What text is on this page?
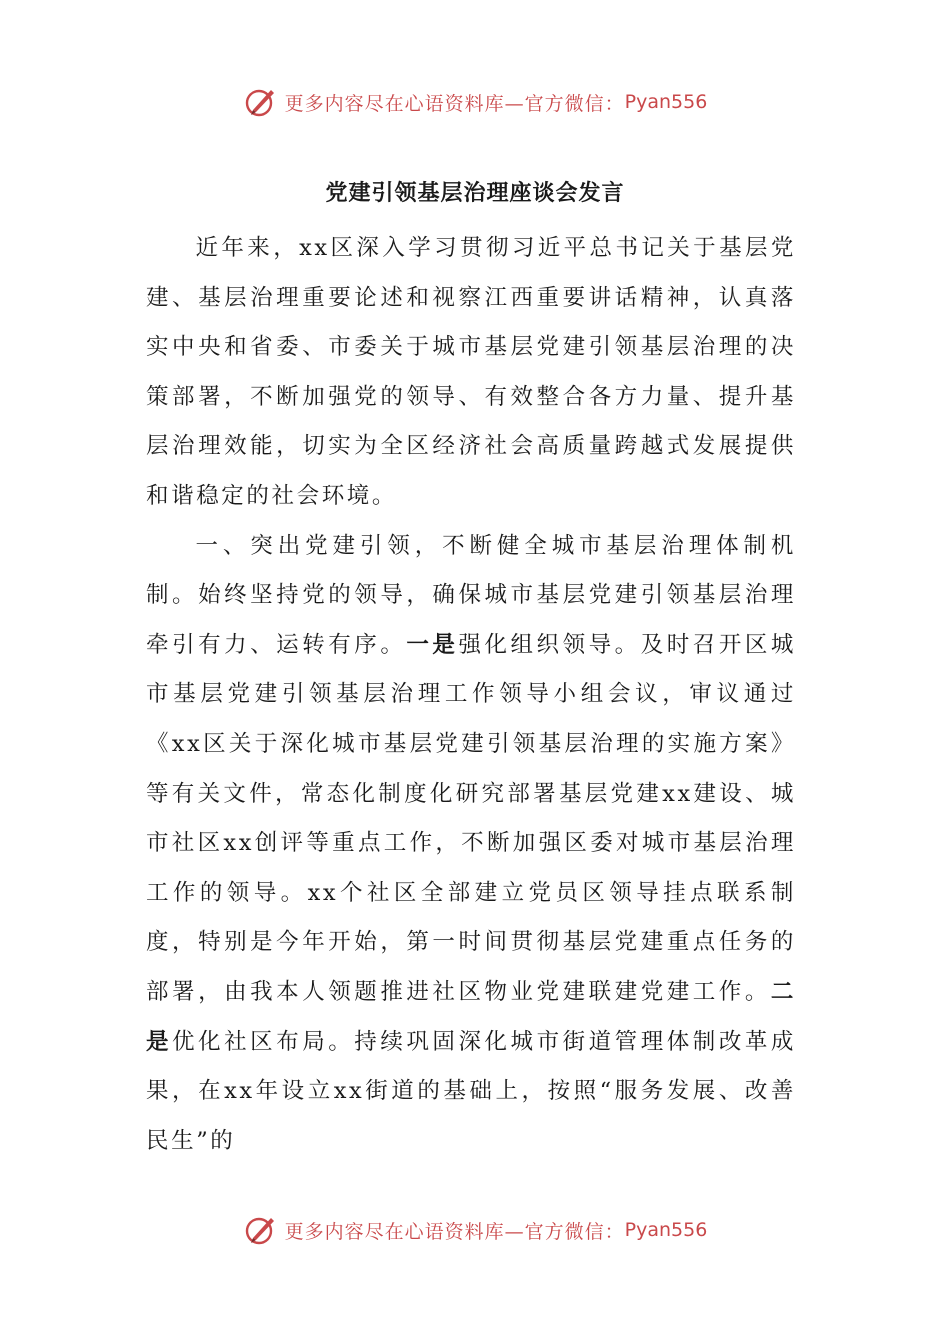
更多内容尽在心语资料库—官方微信： Pyan556
党建引领基层治理座谈会发言

近年来，xx区深入学习贯彻习近平总书记关于基层党建、基层治理重要论述和视察江西重要讲话精神，认真落实中央和省委、市委关于城市基层党建引领基层治理的决策部署，不断加强党的领导、有效整合各方力量、提升基层治理效能，切实为全区经济社会高质量跨越式发展提供和谐稳定的社会环境。

一、突出党建引领，不断健全城市基层治理体制机制。始终坚持党的领导，确保城市基层党建引领基层治理牵引有力、运转有序。一是强化组织领导。及时召开区城市基层党建引领基层治理工作领导小组会议，审议通过《xx区关于深化城市基层党建引领基层治理的实施方案》等有关文件，常态化制度化研究部署基层党建xx建设、城市社区xx创评等重点工作，不断加强区委对城市基层治理工作的领导。xx个社区全部建立党员区领导挂点联系制度，特别是今年开始，第一时间贯彻基层党建重点任务的部署，由我本人领题推进社区物业党建联建党建工作。二是优化社区布局。持续巩固深化城市街道管理体制改革成果，在xx年设立xx街道的基础上，按照“服务发展、改善民生”的

更多内容尽在心语资料库—官方微信： Pyan556
